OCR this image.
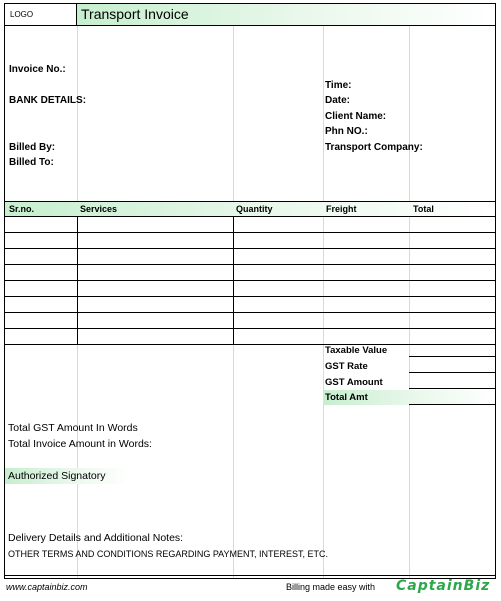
LOGO	Transport Invoice
Invoice No.:
BANK DETAILS:
Billed By:
Billed To:
Time:
Date:
Client Name:
Phn NO.:
Transport Company:
Sr.no.	Services	Quantity	Freight	Total
Taxable Value
GST Rate
GST Amount
Total Amt
Total GST Amount In Words
Total Invoice Amount in Words:
Authorized Signatory
Delivery Details and Additional Notes:
OTHER TERMS AND CONDITIONS REGARDING PAYMENT, INTEREST, ETC.
www.captainbiz.com	Billing made easy with CaptainBiz
